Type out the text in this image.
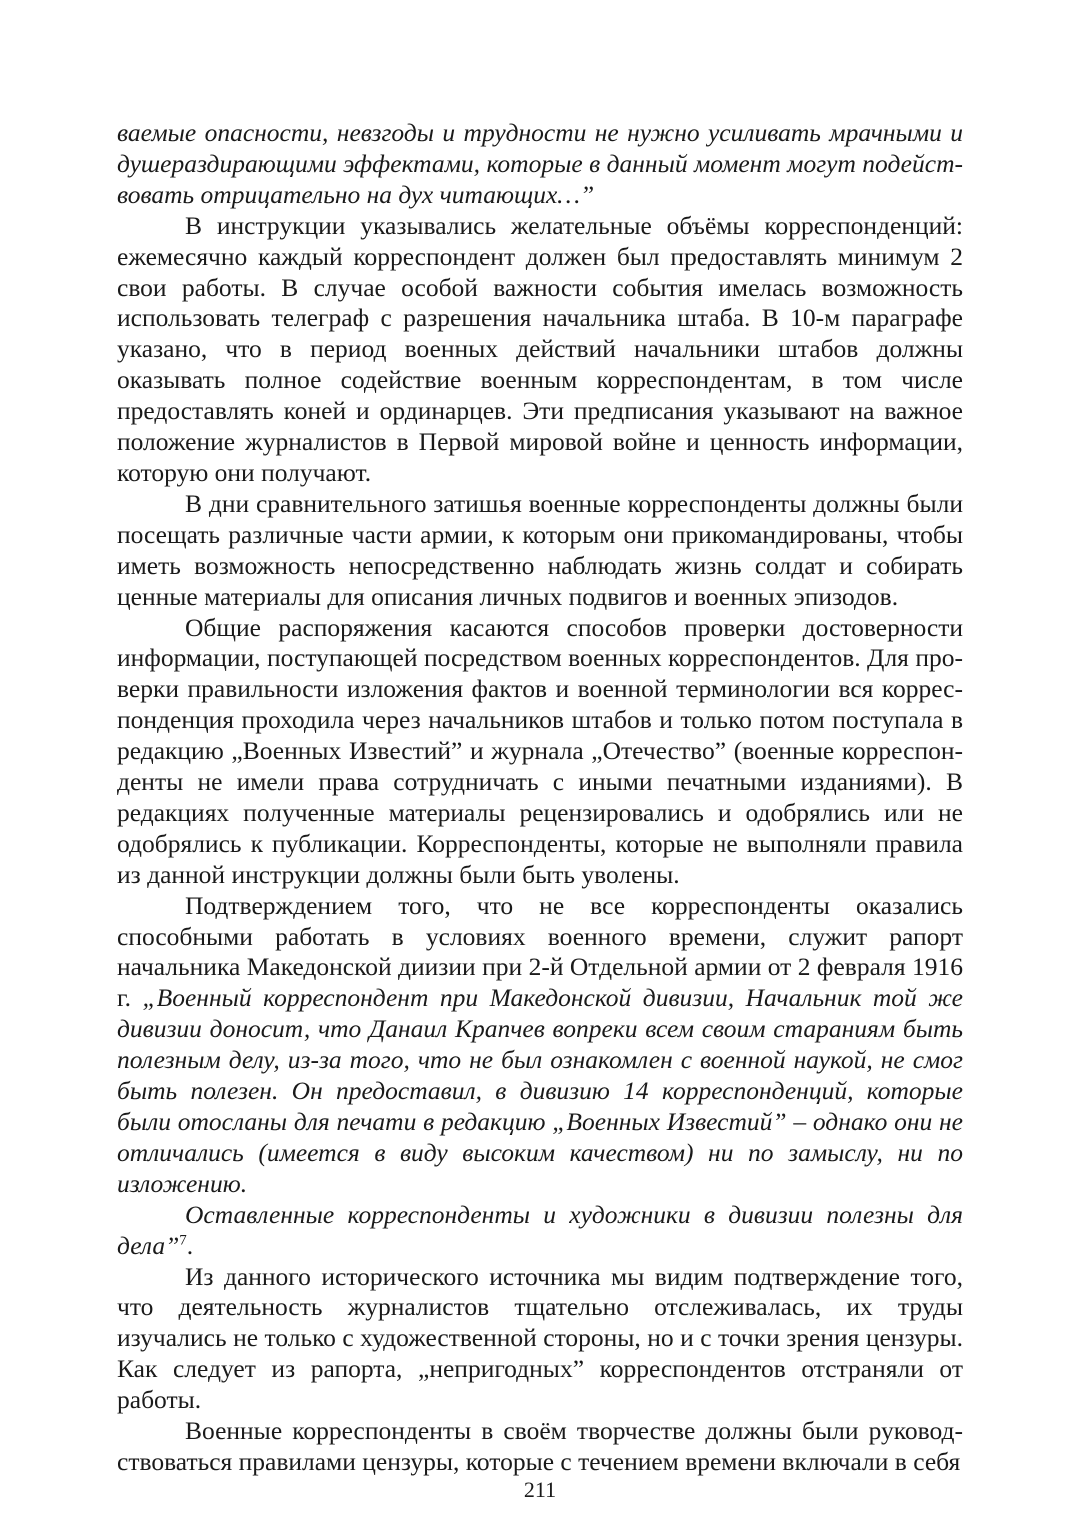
ваемые опасности, невзгоды и трудности не нужно усиливать мрачными и душераздирающими эффектами, которые в данный момент могут подействовать отрицательно на дух читающих…”

В инструкции указывались желательные объёмы корреспонденций: ежемесячно каждый корреспондент должен был предоставлять минимум 2 свои работы. В случае особой важности события имелась возможность использовать телеграф с разрешения начальника штаба. В 10-м параграфе указано, что в период военных действий начальники штабов должны оказывать полное содействие военным корреспондентам, в том числе предоставлять коней и ординарцев. Эти предписания указывают на важное положение журналистов в Первой мировой войне и ценность информации, которую они получают.

В дни сравнительного затишья военные корреспонденты должны были посещать различные части армии, к которым они прикомандированы, чтобы иметь возможность непосредственно наблюдать жизнь солдат и собирать ценные материалы для описания личных подвигов и военных эпизодов.

Общие распоряжения касаются способов проверки достоверности информации, поступающей посредством военных корреспондентов. Для проверки правильности изложения фактов и военной терминологии вся корреспонденция проходила через начальников штабов и только потом поступала в редакцию „Военных Известий” и журнала „Отечество” (военные корреспонденты не имели права сотрудничать с иными печатными изданиями). В редакциях полученные материалы рецензировались и одобрялись или не одобрялись к публикации. Корреспонденты, которые не выполняли правила из данной инструкции должны были быть уволены.

Подтверждением того, что не все корреспонденты оказались способными работать в условиях военного времени, служит рапорт начальника Македонской диизии при 2-й Отдельной армии от 2 февраля 1916 г. „Военный корреспондент при Македонской дивизии, Начальник той же дивизии доносит, что Данаил Крапчев вопреки всем своим стараниям быть полезным делу, из-за того, что не был ознакомлен с военной наукой, не смог быть полезен. Он предоставил, в дивизию 14 корреспонденций, которые были отосланы для печати в редакцию „Военных Известий” – однако они не отличались (имеется в виду высоким качеством) ни по замыслу, ни по изложению.

Оставленные корреспонденты и художники в дивизии полезны для дела”$^7$.

Из данного исторического источника мы видим подтверждение того, что деятельность журналистов тщательно отслеживалась, их труды изучались не только с художественной стороны, но и с точки зрения цензуры. Как следует из рапорта, „непригодных” корреспондентов отстраняли от работы.

Военные корреспонденты в своём творчестве должны были руководствоваться правилами цензуры, которые с течением времени включали в себя

211
